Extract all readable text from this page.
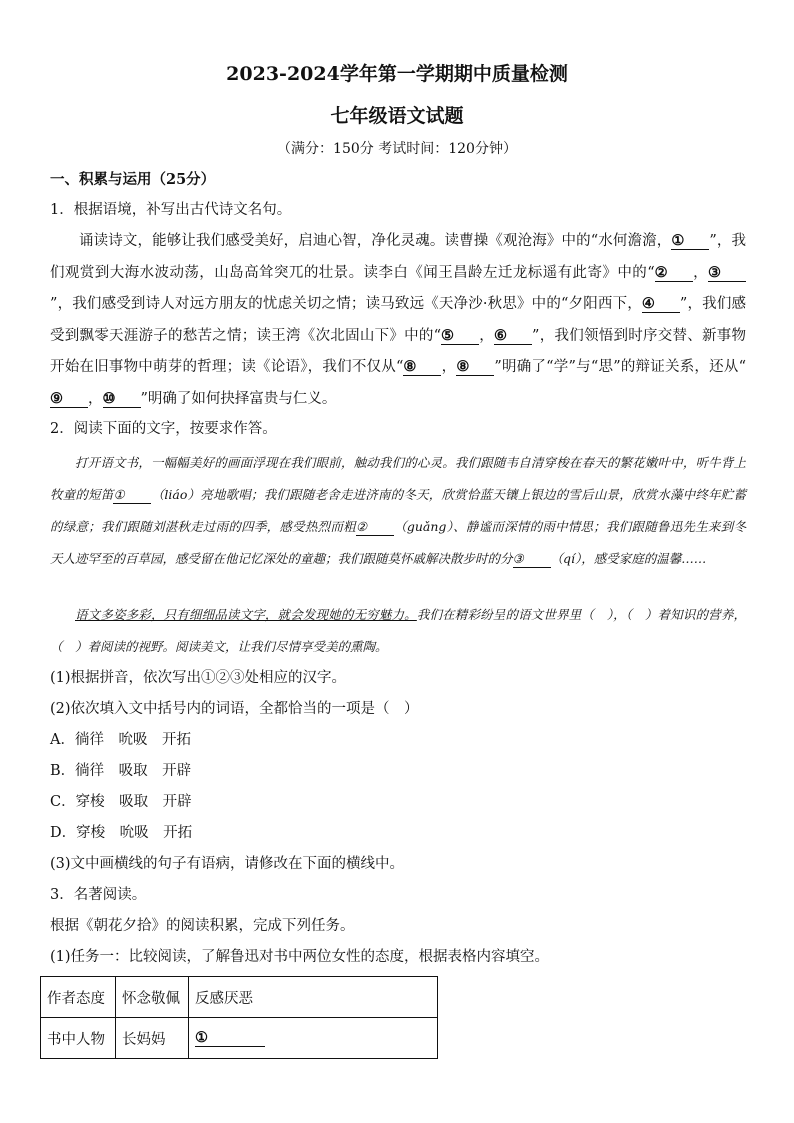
2023-2024学年第一学期期中质量检测
七年级语文试题
（满分：150分 考试时间：120分钟）
一、积累与运用（25分）
1．根据语境，补写出古代诗文名句。
诵读诗文，能够让我们感受美好，启迪心智，净化灵魂。读曹操《观沧海》中的“水何澹澹，① ”，我们观赏到大海水波动荡，山岛高耸突兀的壮景。读李白《闻王昌龄左迁龙标遥有此寄》中的“② ，③”，我们感受到诗人对远方朋友的忧虑关切之情；读马致远《天净沙·秋思》中的“夕阳西下，④ ”，我们感受到飘零天涯游子的愁苦之情；读王湾《次北固山下》中的“⑤ ，⑥ ”，我们领悟到时序交替、新事物开始在旧事物中萌芽的哲理；读《论语》，我们不仅从“⑧ ，⑧ ”明确了“学”与“思”的辩证关系，还从“⑨ ，⑩ ”明确了如何抉择富贵与仁义。
2．阅读下面的文字，按要求作答。
打开语文书，一幅幅美好的画面浮现在我们眼前，触动我们的心灵。我们跟随韦自清穿梭在春天的繁花嫩叶中，听牛背上牧童的短笛① （liáo）亮地歌唱；我们跟随老舍走进济南的冬天，欣赏恰蓝天镶上银边的雪后山景，欣赏水藻中终年贮蓄的绿意；我们跟随刘湛秋走过雨的四季，感受热烈而粗② （guǎng）、静谧而深情的雨中情思；我们跟随鲁迅先生来到冬天人迹罕至的百草园，感受留在他记忆深处的童趣；我们跟随莫怀戚解决散步时的分③ （qí），感受家庭的温馨……
语文多姿多彩，只有细细品读文字，就会发现她的无穷魅力。我们在精彩纷呈的语文世界里（　），（　）着知识的营养，（　）着阅读的视野。阅读美文，让我们尽情享受美的熏陶。
(1)根据拼音，依次写出①②③处相应的汉字。
(2)依次填入文中括号内的词语，全都恰当的一项是（　）
A．徜徉　吮吸　开拓
B．徜徉　吸取　开辟
C．穿梭　吸取　开辟
D．穿梭　吮吸　开拓
(3)文中画横线的句子有语病，请修改在下面的横线中。
3．名著阅读。
根据《朝花夕拾》的阅读积累，完成下列任务。
(1)任务一：比较阅读，了解鲁迅对书中两位女性的态度，根据表格内容填空。
作者态度	怀念敬佩	反感厌恶
书中人物	长妈妈	①
